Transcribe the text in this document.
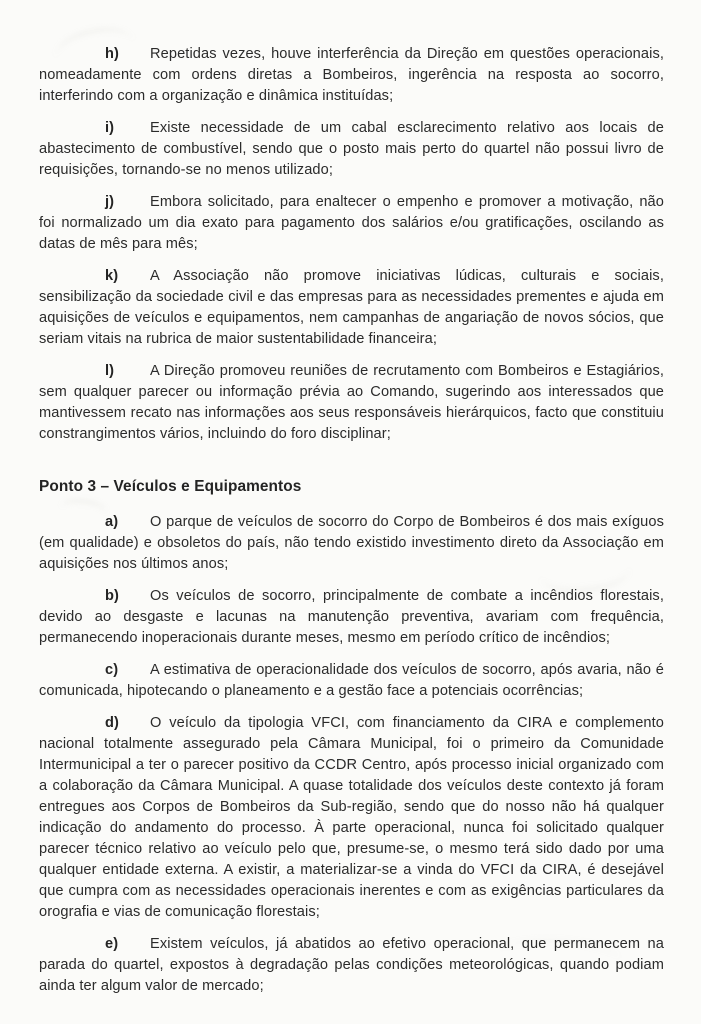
h) Repetidas vezes, houve interferência da Direção em questões operacionais, nomeadamente com ordens diretas a Bombeiros, ingerência na resposta ao socorro, interferindo com a organização e dinâmica instituídas;

i) Existe necessidade de um cabal esclarecimento relativo aos locais de abastecimento de combustível, sendo que o posto mais perto do quartel não possui livro de requisições, tornando-se no menos utilizado;

j) Embora solicitado, para enaltecer o empenho e promover a motivação, não foi normalizado um dia exato para pagamento dos salários e/ou gratificações, oscilando as datas de mês para mês;

k) A Associação não promove iniciativas lúdicas, culturais e sociais, sensibilização da sociedade civil e das empresas para as necessidades prementes e ajuda em aquisições de veículos e equipamentos, nem campanhas de angariação de novos sócios, que seriam vitais na rubrica de maior sustentabilidade financeira;

l) A Direção promoveu reuniões de recrutamento com Bombeiros e Estagiários, sem qualquer parecer ou informação prévia ao Comando, sugerindo aos interessados que mantivessem recato nas informações aos seus responsáveis hierárquicos, facto que constituiu constrangimentos vários, incluindo do foro disciplinar;

Ponto 3 – Veículos e Equipamentos

a) O parque de veículos de socorro do Corpo de Bombeiros é dos mais exíguos (em qualidade) e obsoletos do país, não tendo existido investimento direto da Associação em aquisições nos últimos anos;

b) Os veículos de socorro, principalmente de combate a incêndios florestais, devido ao desgaste e lacunas na manutenção preventiva, avariam com frequência, permanecendo inoperacionais durante meses, mesmo em período crítico de incêndios;

c) A estimativa de operacionalidade dos veículos de socorro, após avaria, não é comunicada, hipotecando o planeamento e a gestão face a potenciais ocorrências;

d) O veículo da tipologia VFCI, com financiamento da CIRA e complemento nacional totalmente assegurado pela Câmara Municipal, foi o primeiro da Comunidade Intermunicipal a ter o parecer positivo da CCDR Centro, após processo inicial organizado com a colaboração da Câmara Municipal. A quase totalidade dos veículos deste contexto já foram entregues aos Corpos de Bombeiros da Sub-região, sendo que do nosso não há qualquer indicação do andamento do processo. À parte operacional, nunca foi solicitado qualquer parecer técnico relativo ao veículo pelo que, presume-se, o mesmo terá sido dado por uma qualquer entidade externa. A existir, a materializar-se a vinda do VFCI da CIRA, é desejável que cumpra com as necessidades operacionais inerentes e com as exigências particulares da orografia e vias de comunicação florestais;

e) Existem veículos, já abatidos ao efetivo operacional, que permanecem na parada do quartel, expostos à degradação pelas condições meteorológicas, quando podiam ainda ter algum valor de mercado;
